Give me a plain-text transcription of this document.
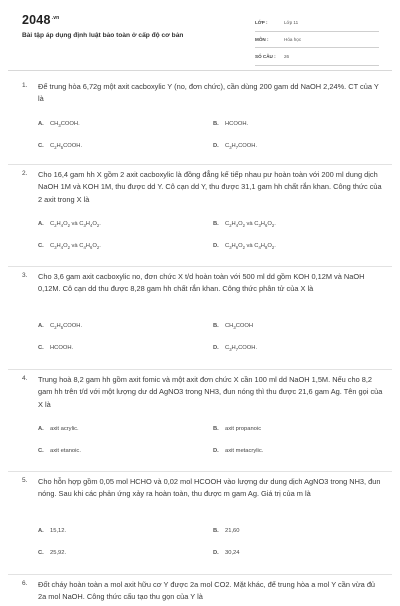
$2048^{.vn}$
Bài tập áp dụng định luật bảo toàn ở cấp độ cơ bản
LỚP :	Lớp 11
MÔN :	Hóa học
SỐ CÂU :	26
1. Để trung hòa 6,72g một axit cacboxylic Y (no, đơn chức), cần dùng 200 gam dd NaOH 2,24%. CT của Y là
A. $CH_3COOH$.	B. HCOOH.
C. $C_2H_5COOH$.	D. $C_3H_7COOH$.
2. Cho 16,4 gam hh X gồm 2 axit cacboxylic là đồng đẳng kế tiếp nhau pư hoàn toàn với 200 ml dung dịch NaOH 1M và KOH 1M, thu được dd Y. Cô cạn dd Y, thu được 31,1 gam hh chất rắn khan. Công thức của 2 axit trong X là
A. $C_2H_4O_2$ và $C_3H_4O_2$.	B. $C_2H_4O_2$ và $C_3H_6O_2$.
C. $C_3H_4O_2$ và $C_4H_6O_2$.	D. $C_3H_6O_2$ và $C_4H_8O_2$.
3. Cho 3,6 gam axit cacboxylic no, đơn chức X t/d hoàn toàn với 500 ml dd gồm KOH 0,12M và NaOH 0,12M. Cô cạn dd thu được 8,28 gam hh chất rắn khan. Công thức phân tử của X là
A. $C_2H_5COOH$.	B. $CH_3COOH$
C. HCOOH.	D. $C_3H_7COOH$.
4. Trung hoà 8,2 gam hh gồm axit fomic và một axit đơn chức X cần 100 ml dd NaOH 1,5M. Nếu cho 8,2 gam hh trên t/d với một lượng dư dd AgNO3 trong NH3, đun nóng thì thu được 21,6 gam Ag. Tên gọi của X là
A. axit acrylic.	B. axit propanoic
C. axit etanoic.	D. axit metacrylic.
5. Cho hỗn hợp gồm 0,05 mol HCHO và 0,02 mol HCOOH vào lượng dư dung dịch AgNO3 trong NH3, đun nóng. Sau khi các phản ứng xảy ra hoàn toàn, thu được m gam Ag. Giá trị của m là
A. 15,12.	B. 21,60
C. 25,92.	D. 30,24
6. Đốt cháy hoàn toàn a mol axit hữu cơ Y được 2a mol CO2. Mặt khác, để trung hòa a mol Y cần vừa đủ 2a mol NaOH. Công thức cấu tạo thu gọn của Y là
